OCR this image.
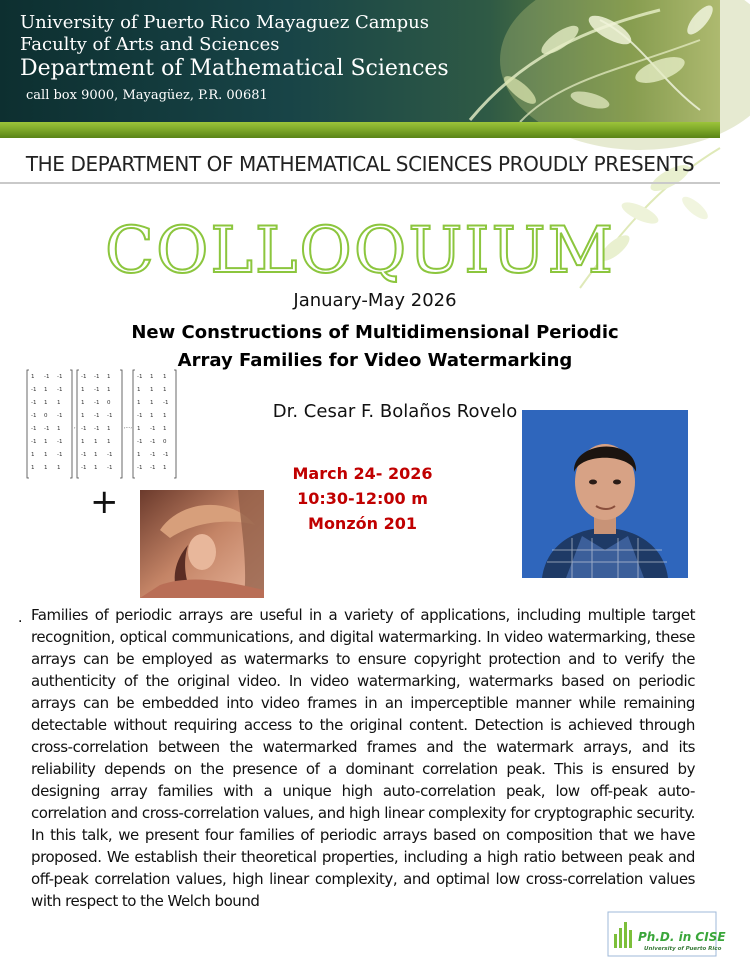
University of Puerto Rico Mayaguez Campus
Faculty of Arts and Sciences
Department of Mathematical Sciences
call box 9000, Mayagüez, P.R. 00681
THE DEPARTMENT OF MATHEMATICAL SCIENCES PROUDLY PRESENTS
COLLOQUIUM
January-May 2026
New Constructions of Multidimensional Periodic
Array Families for Video Watermarking
Dr. Cesar F. Bolaños Rovelo
1 -1 -1
-1 1 -1
-1 1 1
-1 0 -1
-1 -1 1
-1 1 -1
1 1 -1
1 1 1
-1 -1 1
1 -1 1
1 -1 0
1 -1 -1
-1 -1 1
1 1 1
-1 1 -1
-1 1 -1
-1 1 1
1 1 1
1 1 -1
-1 1 1
1 -1 1
-1 -1 0
1 -1 -1
-1 -1 1
,	,...,
+
March 24- 2026
10:30-12:00 m
Monzón 201
. Families of periodic arrays are useful in a variety of applications, including multiple target recognition, optical communications, and digital watermarking. In video watermarking, these arrays can be employed as watermarks to ensure copyright protection and to verify the authenticity of the original video. In video watermarking, watermarks based on periodic arrays can be embedded into video frames in an imperceptible manner while remaining detectable without requiring access to the original content. Detection is achieved through cross-correlation between the watermarked frames and the watermark arrays, and its reliability depends on the presence of a dominant correlation peak. This is ensured by designing array families with a unique high auto-correlation peak, low off-peak auto-correlation and cross-correlation values, and high linear complexity for cryptographic security. In this talk, we present four families of periodic arrays based on composition that we have proposed. We establish their theoretical properties, including a high ratio between peak and off-peak correlation values, high linear complexity, and optimal low cross-correlation values with respect to the Welch bound
Ph.D. in CISE
University of Puerto Rico
